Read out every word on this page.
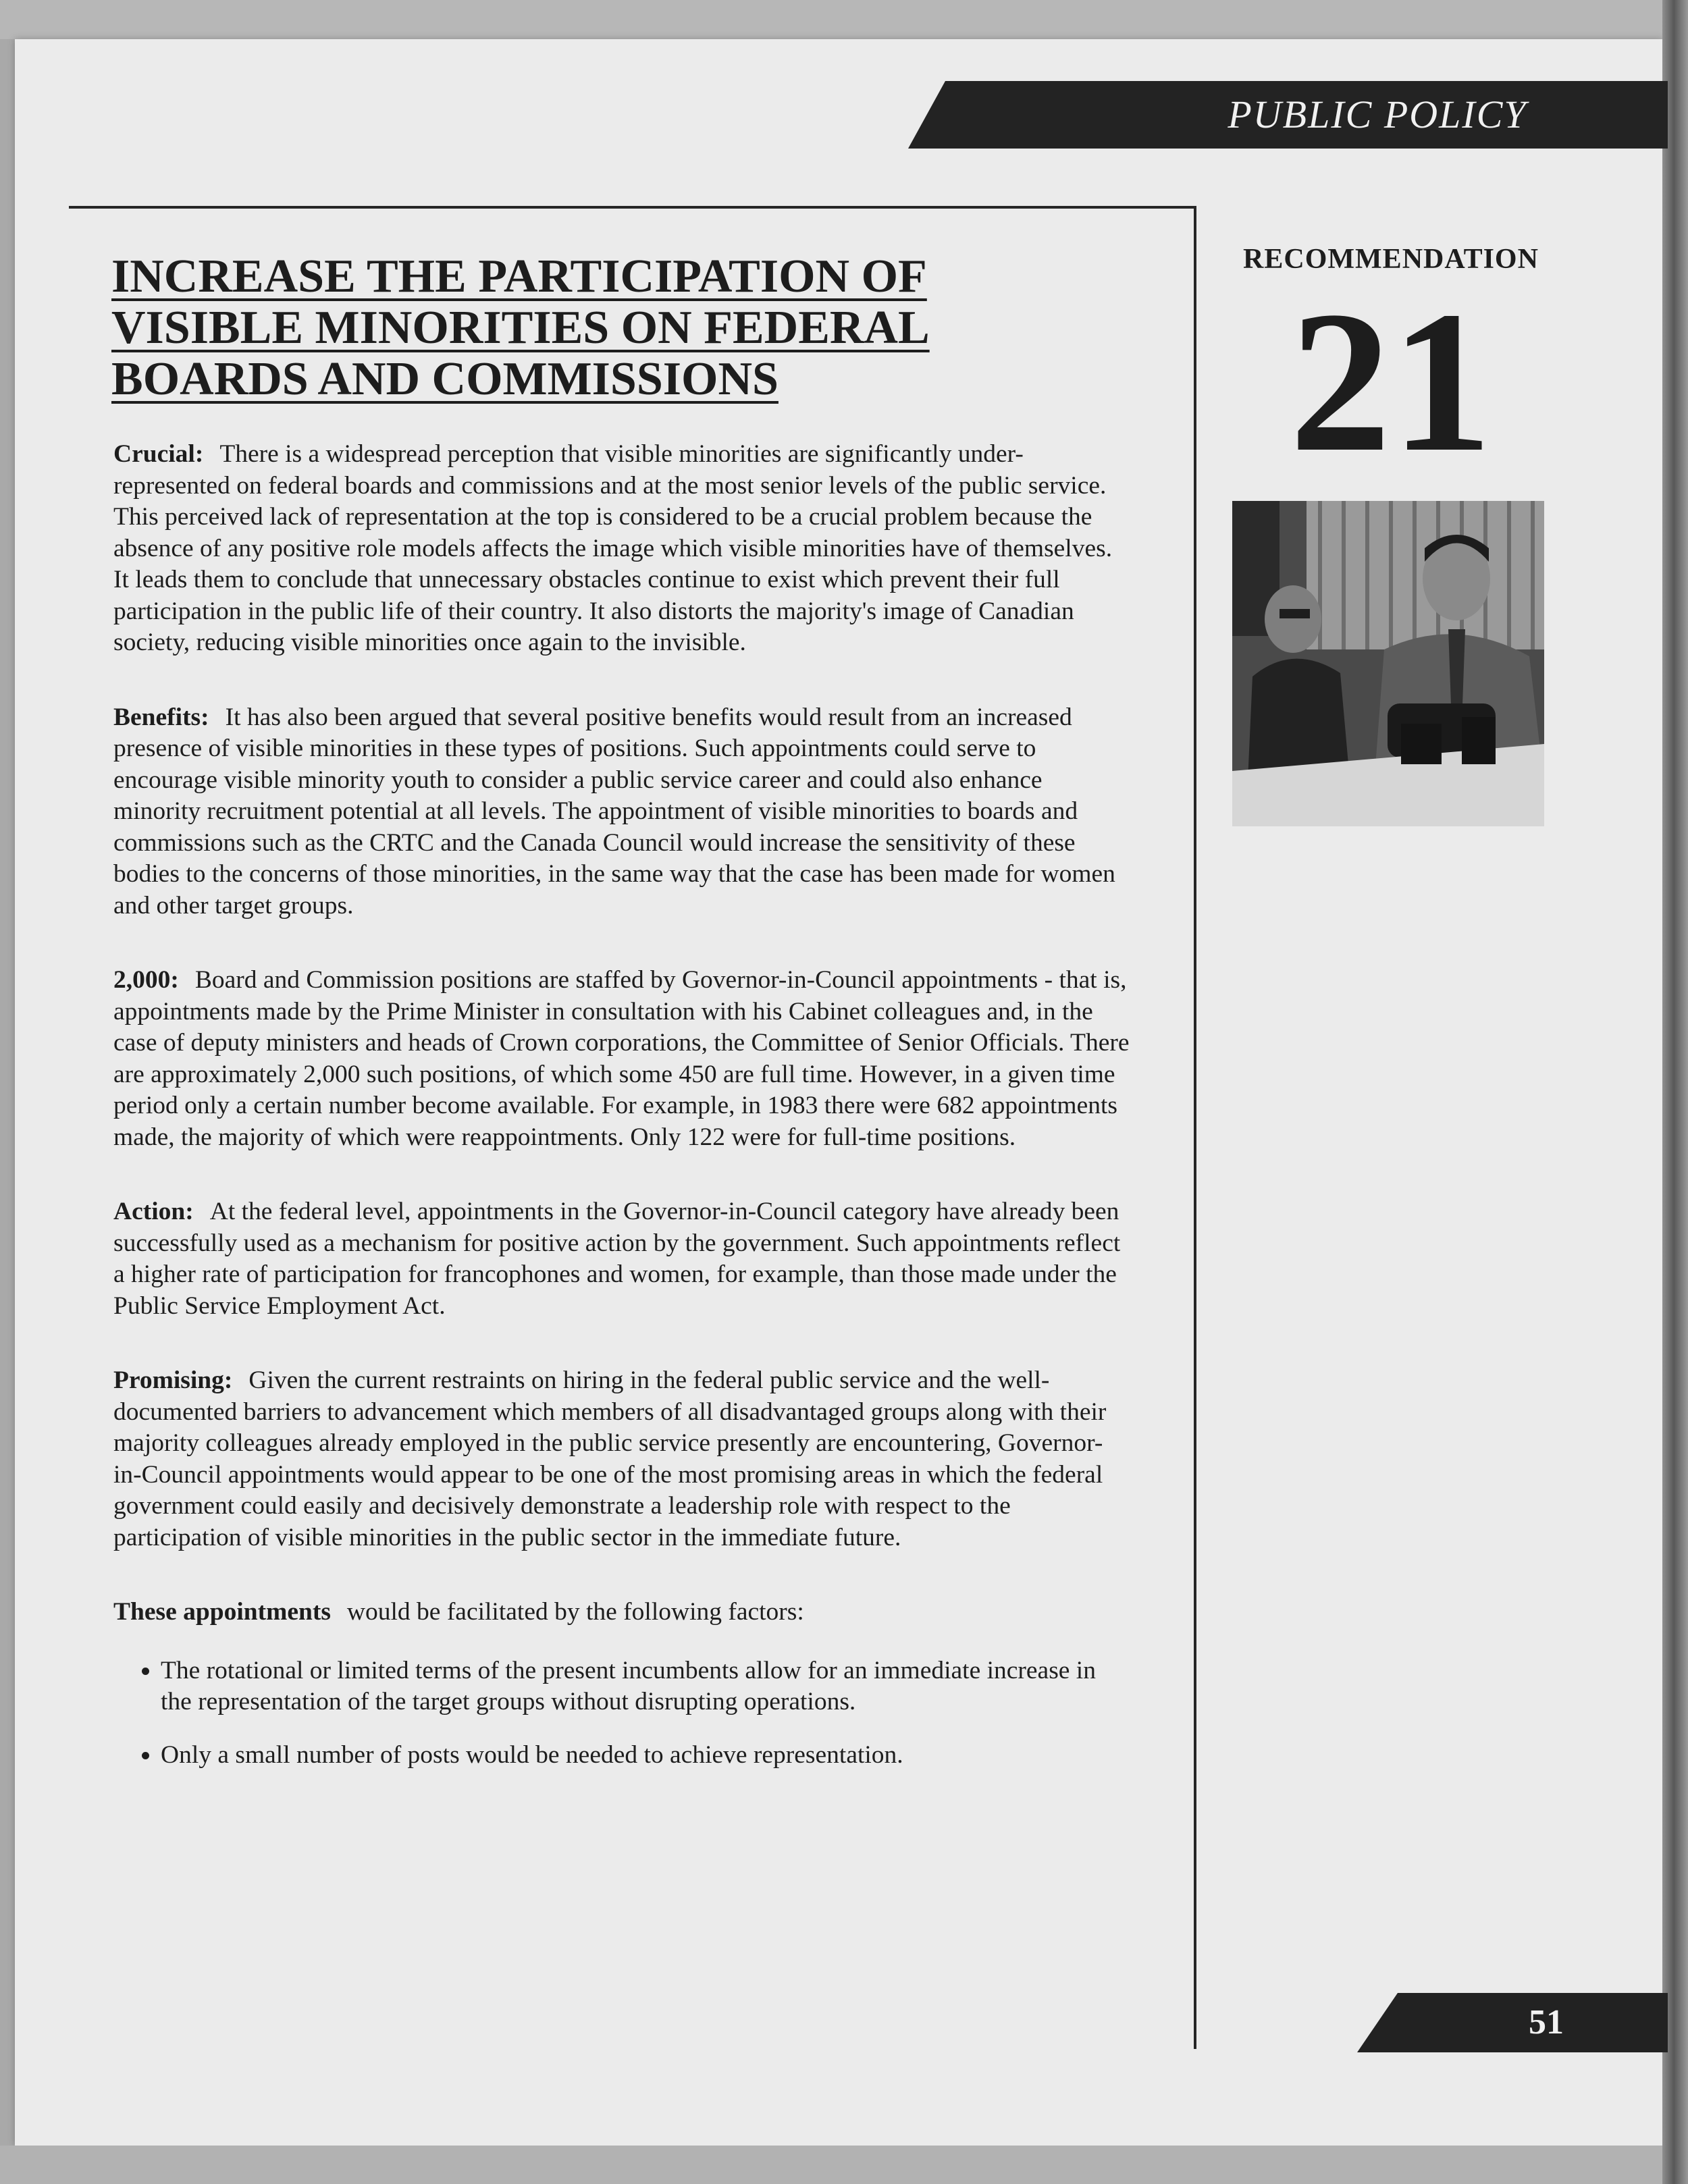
PUBLIC POLICY
INCREASE THE PARTICIPATION OF
VISIBLE MINORITIES ON FEDERAL
BOARDS AND COMMISSIONS

Crucial: There is a widespread perception that visible minorities are significantly under-represented on federal boards and commissions and at the most senior levels of the public service. This perceived lack of representation at the top is considered to be a crucial problem because the absence of any positive role models affects the image which visible minorities have of themselves. It leads them to conclude that unnecessary obstacles continue to exist which prevent their full participation in the public life of their country. It also distorts the majority's image of Canadian society, reducing visible minorities once again to the invisible.

Benefits: It has also been argued that several positive benefits would result from an increased presence of visible minorities in these types of positions. Such appointments could serve to encourage visible minority youth to consider a public service career and could also enhance minority recruitment potential at all levels. The appointment of visible minorities to boards and commissions such as the CRTC and the Canada Council would increase the sensitivity of these bodies to the concerns of those minorities, in the same way that the case has been made for women and other target groups.

2,000: Board and Commission positions are staffed by Governor-in-Council appointments - that is, appointments made by the Prime Minister in consultation with his Cabinet colleagues and, in the case of deputy ministers and heads of Crown corporations, the Committee of Senior Officials. There are approximately 2,000 such positions, of which some 450 are full time. However, in a given time period only a certain number become available. For example, in 1983 there were 682 appointments made, the majority of which were reappointments. Only 122 were for full-time positions.

Action: At the federal level, appointments in the Governor-in-Council category have already been successfully used as a mechanism for positive action by the government. Such appointments reflect a higher rate of participation for francophones and women, for example, than those made under the Public Service Employment Act.

Promising: Given the current restraints on hiring in the federal public service and the well-documented barriers to advancement which members of all disadvantaged groups along with their majority colleagues already employed in the public service presently are encountering, Governor-in-Council appointments would appear to be one of the most promising areas in which the federal government could easily and decisively demonstrate a leadership role with respect to the participation of visible minorities in the public sector in the immediate future.

These appointments would be facilitated by the following factors:

• The rotational or limited terms of the present incumbents allow for an immediate increase in the representation of the target groups without disrupting operations.
• Only a small number of posts would be needed to achieve representation.
RECOMMENDATION
21
51
